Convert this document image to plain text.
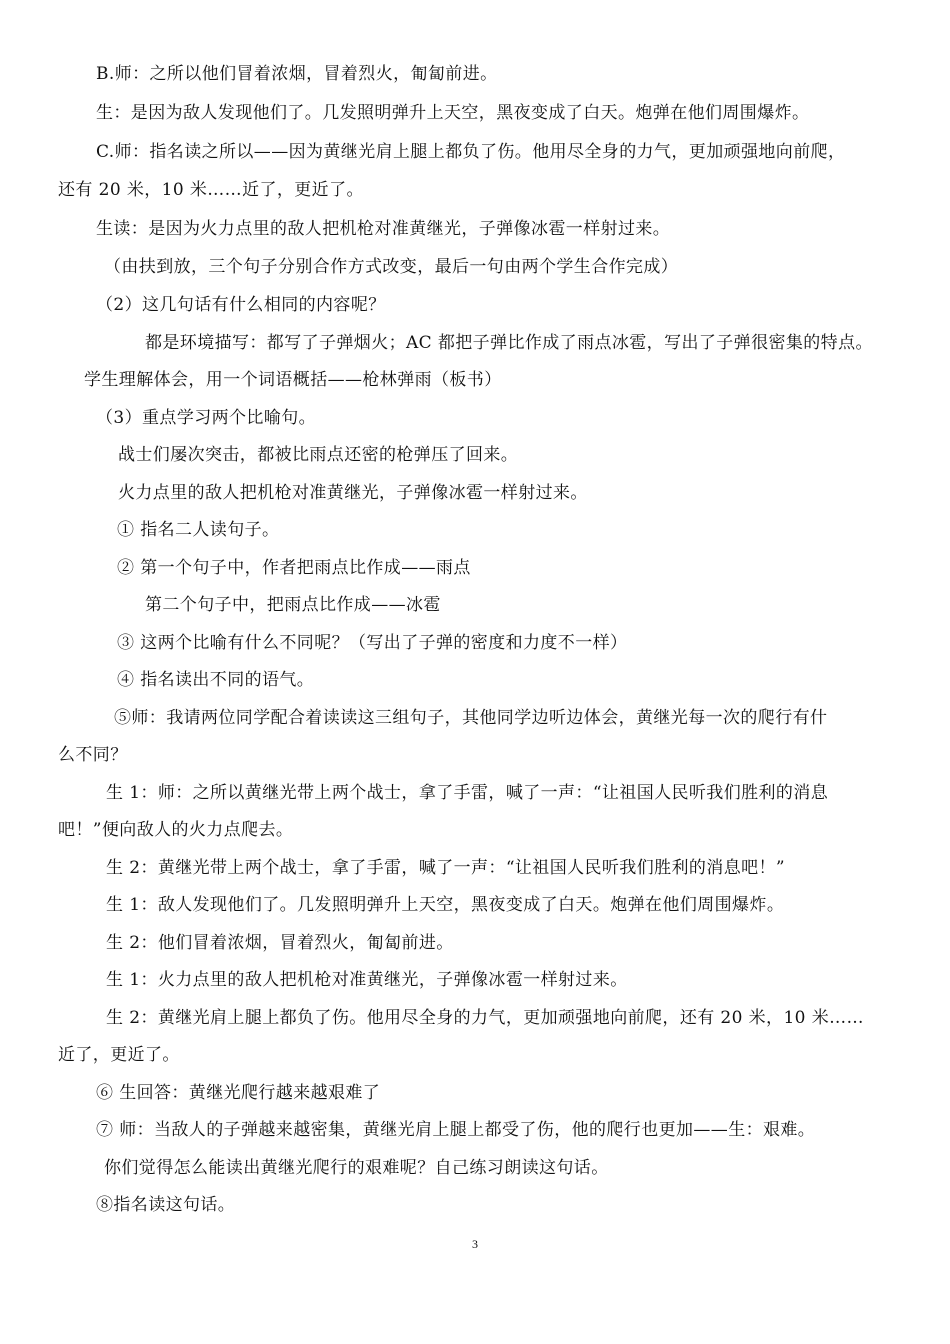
B.师：之所以他们冒着浓烟，冒着烈火，匍匐前进。
生：是因为敌人发现他们了。几发照明弹升上天空，黑夜变成了白天。炮弹在他们周围爆炸。
C.师：指名读之所以——因为黄继光肩上腿上都负了伤。他用尽全身的力气，更加顽强地向前爬，
还有 20 米，10 米……近了，更近了。
生读：是因为火力点里的敌人把机枪对准黄继光，子弹像冰雹一样射过来。
（由扶到放，三个句子分别合作方式改变，最后一句由两个学生合作完成）
（2）这几句话有什么相同的内容呢？
都是环境描写：都写了子弹烟火；AC 都把子弹比作成了雨点冰雹，写出了子弹很密集的特点。
学生理解体会，用一个词语概括——枪林弹雨（板书）
（3）重点学习两个比喻句。
战士们屡次突击，都被比雨点还密的枪弹压了回来。
火力点里的敌人把机枪对准黄继光，子弹像冰雹一样射过来。
① 指名二人读句子。
② 第一个句子中，作者把雨点比作成——雨点
第二个句子中，把雨点比作成——冰雹
③ 这两个比喻有什么不同呢？（写出了子弹的密度和力度不一样）
④ 指名读出不同的语气。
⑤师：我请两位同学配合着读读这三组句子，其他同学边听边体会，黄继光每一次的爬行有什
么不同？
生 1：师：之所以黄继光带上两个战士，拿了手雷，喊了一声：“让祖国人民听我们胜利的消息
吧！”便向敌人的火力点爬去。
生 2：黄继光带上两个战士，拿了手雷，喊了一声：“让祖国人民听我们胜利的消息吧！”
生 1：敌人发现他们了。几发照明弹升上天空，黑夜变成了白天。炮弹在他们周围爆炸。
生 2：他们冒着浓烟，冒着烈火，匍匐前进。
生 1：火力点里的敌人把机枪对准黄继光，子弹像冰雹一样射过来。
生 2：黄继光肩上腿上都负了伤。他用尽全身的力气，更加顽强地向前爬，还有 20 米，10 米……
近了，更近了。
⑥ 生回答：黄继光爬行越来越艰难了
⑦ 师：当敌人的子弹越来越密集，黄继光肩上腿上都受了伤，他的爬行也更加——生：艰难。
你们觉得怎么能读出黄继光爬行的艰难呢？自己练习朗读这句话。
⑧指名读这句话。
3
